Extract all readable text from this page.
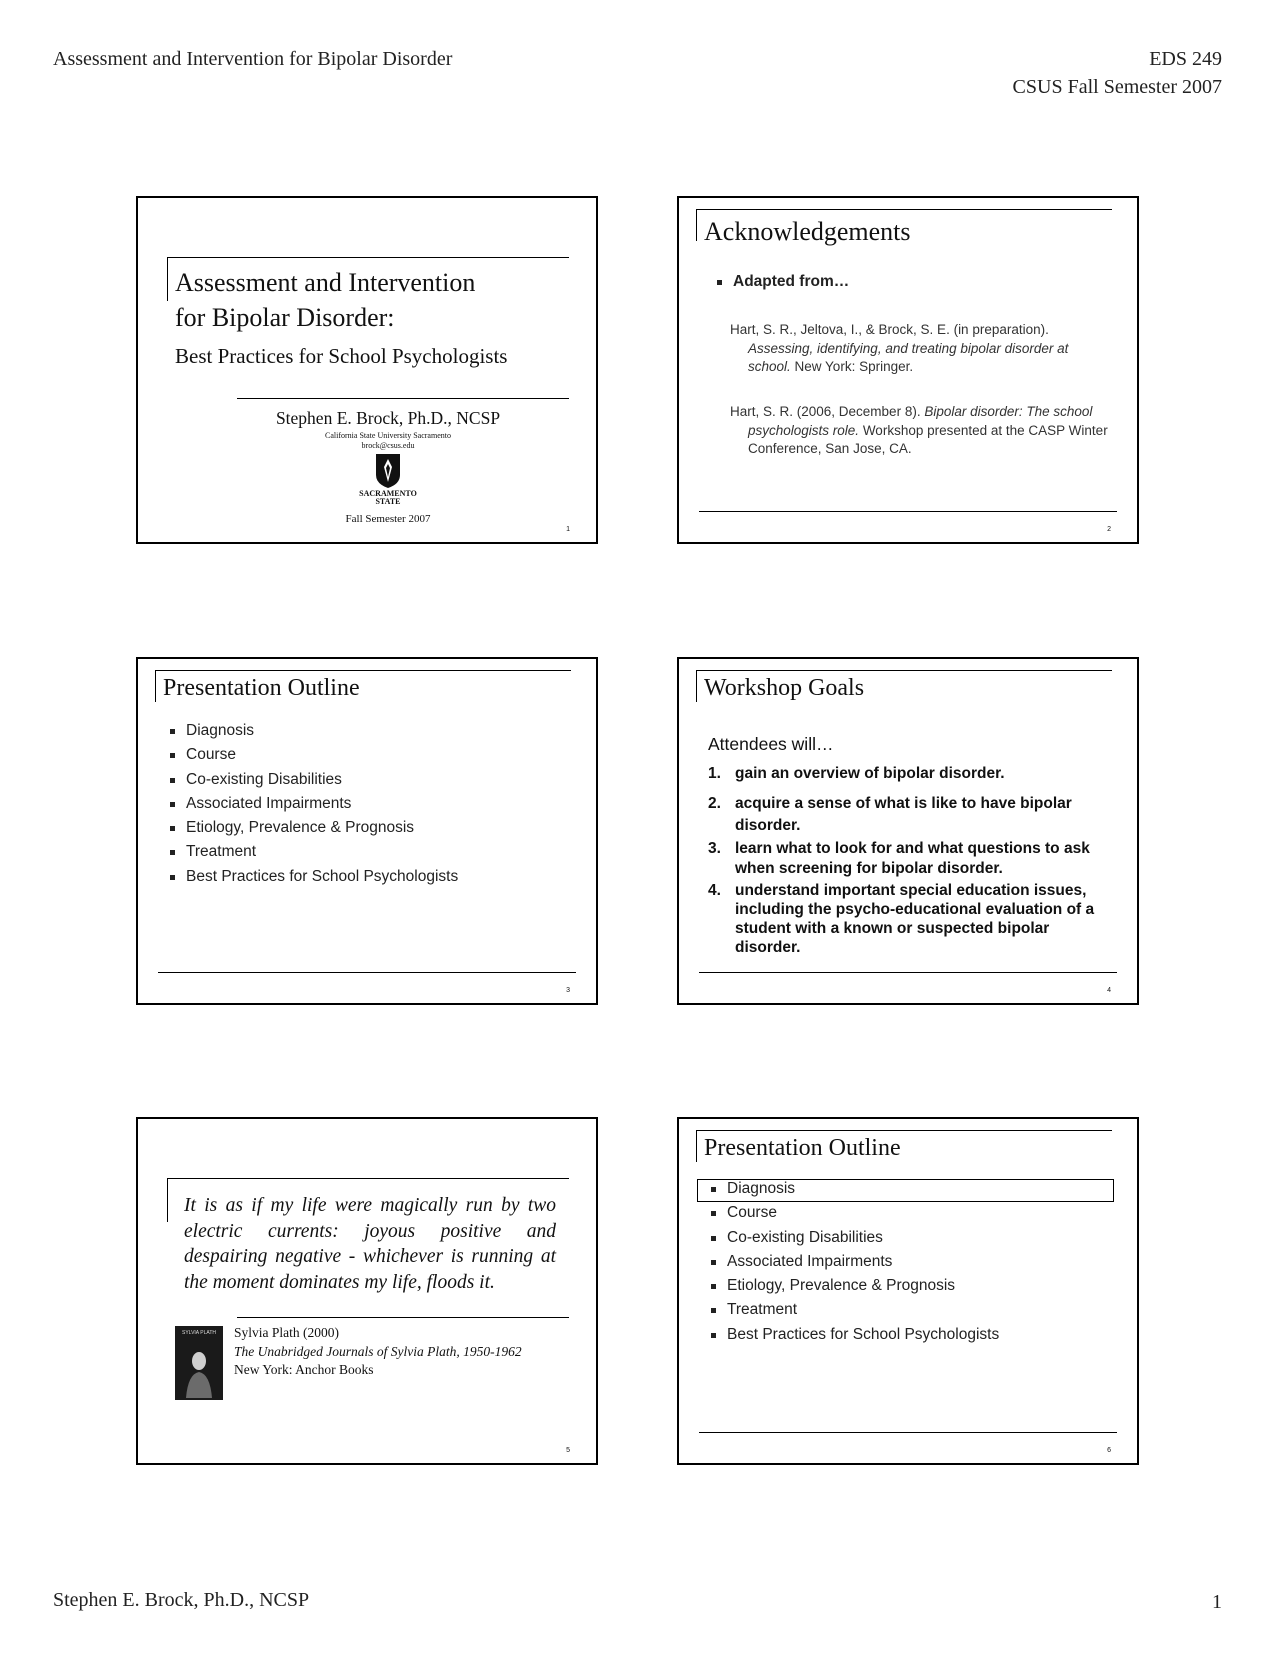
Assessment and Intervention for Bipolar Disorder	EDS 249
CSUS Fall Semester 2007
Assessment and Intervention
for Bipolar Disorder:
Best Practices for School Psychologists
Stephen E. Brock, Ph.D., NCSP
California State University Sacramento
brock@csus.edu
SACRAMENTO
STATE
Fall Semester 2007
1
Acknowledgements
Adapted from…
Hart, S. R., Jeltova, I., & Brock, S. E. (in preparation). Assessing, identifying, and treating bipolar disorder at school. New York: Springer.
Hart, S. R. (2006, December 8). Bipolar disorder: The school psychologists role. Workshop presented at the CASP Winter Conference, San Jose, CA.
2
Presentation Outline
Diagnosis
Course
Co-existing Disabilities
Associated Impairments
Etiology, Prevalence & Prognosis
Treatment
Best Practices for School Psychologists
3
Workshop Goals
Attendees will…
1. gain an overview of bipolar disorder.
2. acquire a sense of what is like to have bipolar disorder.
3. learn what to look for and what questions to ask when screening for bipolar disorder.
4. understand important special education issues, including the psycho-educational evaluation of a student with a known or suspected bipolar disorder.
4
It is as if my life were magically run by two electric currents: joyous positive and despairing negative - whichever is running at the moment dominates my life, floods it.
SYLVIA PLATH	Sylvia Plath (2000)
The Unabridged Journals of Sylvia Plath, 1950-1962
New York: Anchor Books
5
Presentation Outline
Diagnosis
Course
Co-existing Disabilities
Associated Impairments
Etiology, Prevalence & Prognosis
Treatment
Best Practices for School Psychologists
6
Stephen E. Brock, Ph.D., NCSP	1
